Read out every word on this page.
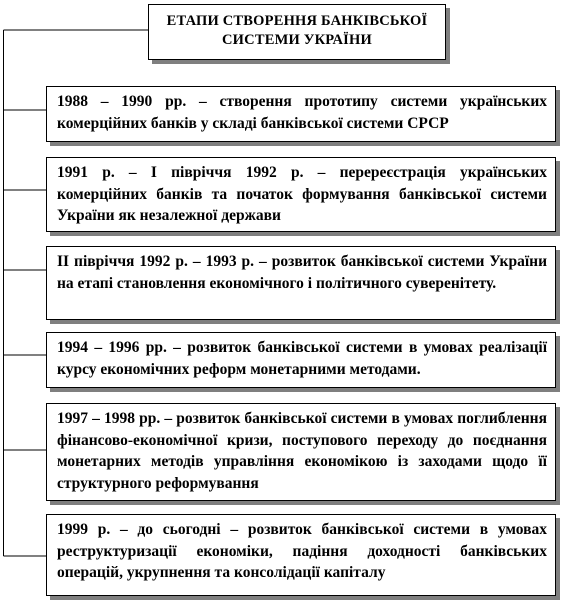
ЕТАПИ СТВОРЕННЯ БАНКІВСЬКОЇ
СИСТЕМИ УКРАЇНИ
1988 – 1990 рр. – створення прототипу системи українських комерційних банків у складі банківської системи СРСР
1991 р. – І півріччя 1992 р. – перереєстрація українських комерційних банків та початок формування банківської системи України як незалежної держави
ІІ півріччя 1992 р. – 1993 р. – розвиток банківської системи України на етапі становлення економічного і політичного суверенітету.
1994 – 1996 рр. – розвиток банківської системи в умовах реалізації курсу економічних реформ монетарними методами.
1997 – 1998 рр. – розвиток банківської системи в умовах поглиблення фінансово-економічної кризи, поступового переходу до поєднання монетарних методів управління економікою із заходами щодо її структурного реформування
1999 р. – до сьогодні – розвиток банківської системи в умовах реструктуризації економіки, падіння доходності банківських операцій, укрупнення та консолідації капіталу
